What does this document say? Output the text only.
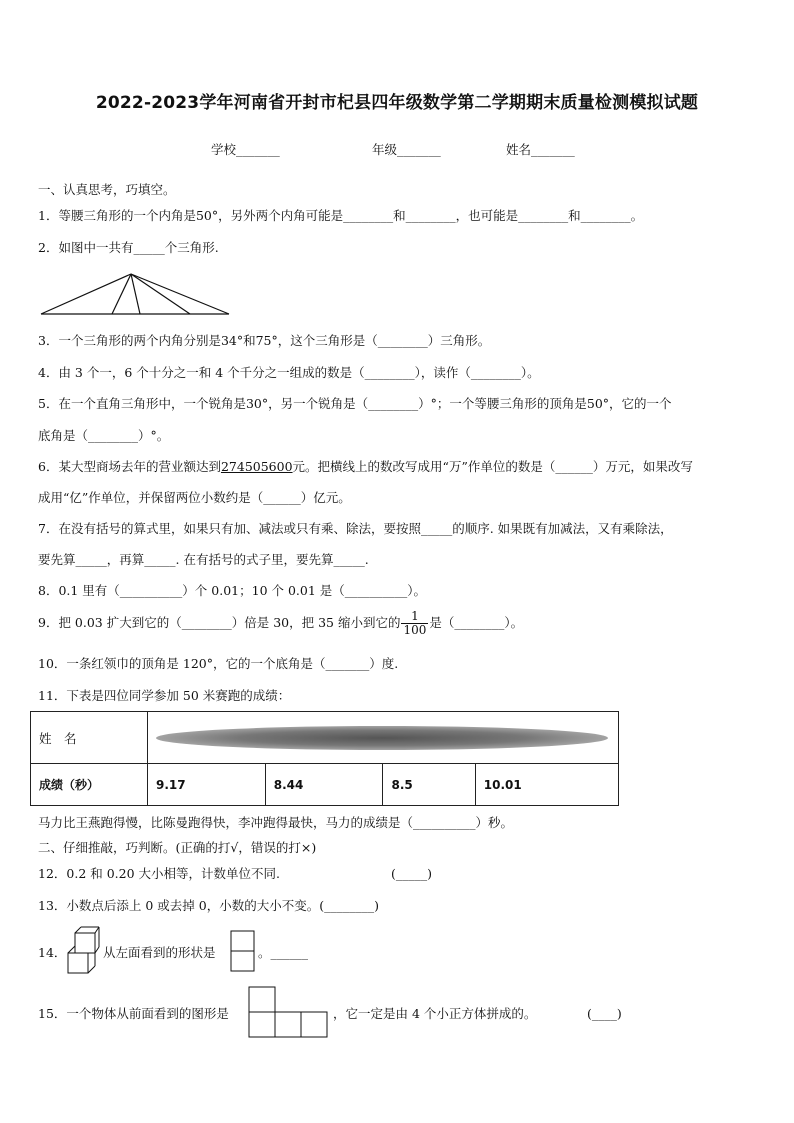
2022-2023学年河南省开封市杞县四年级数学第二学期期末质量检测模拟试题
学校_______	年级_______	姓名_______
一、认真思考，巧填空。
1．等腰三角形的一个内角是50°，另外两个内角可能是________和________，也可能是________和________。
2．如图中一共有_____个三角形.
3．一个三角形的两个内角分别是34°和75°，这个三角形是（________）三角形。
4．由 3 个一，6 个十分之一和 4 个千分之一组成的数是（________），读作（________）。
5．在一个直角三角形中，一个锐角是30°，另一个锐角是（________）°；一个等腰三角形的顶角是50°，它的一个
底角是（________）°。
6．某大型商场去年的营业额达到274505600元。把横线上的数改写成用“万”作单位的数是（______）万元，如果改写
成用“亿”作单位，并保留两位小数约是（______）亿元。
7．在没有括号的算式里，如果只有加、减法或只有乘、除法，要按照_____的顺序. 如果既有加减法，又有乘除法，
要先算_____，再算_____. 在有括号的式子里，要先算_____.
8．0.1 里有（__________）个 0.01；10 个 0.01 是（__________）。
9．把 0.03 扩大到它的（________）倍是 30，把 35 缩小到它的 $\frac{1}{100}$ 是（________）。
10．一条红领巾的顶角是 120°，它的一个底角是（_______）度.
11．下表是四位同学参加 50 米赛跑的成绩：
姓　名				

成绩（秒）	9.17	8.44	8.5	10.01
马力比王燕跑得慢，比陈曼跑得快，李冲跑得最快，马力的成绩是（__________）秒。
二、仔细推敲，巧判断。(正确的打√，错误的打×)
12．0.2 和 0.20 大小相等，计数单位不同.	(_____)
13．小数点后添上 0 或去掉 0，小数的大小不变。(________)
14．	从左面看到的形状是	。______
15．一个物体从前面看到的图形是	，它一定是由 4 个小正方体拼成的。	(____)
